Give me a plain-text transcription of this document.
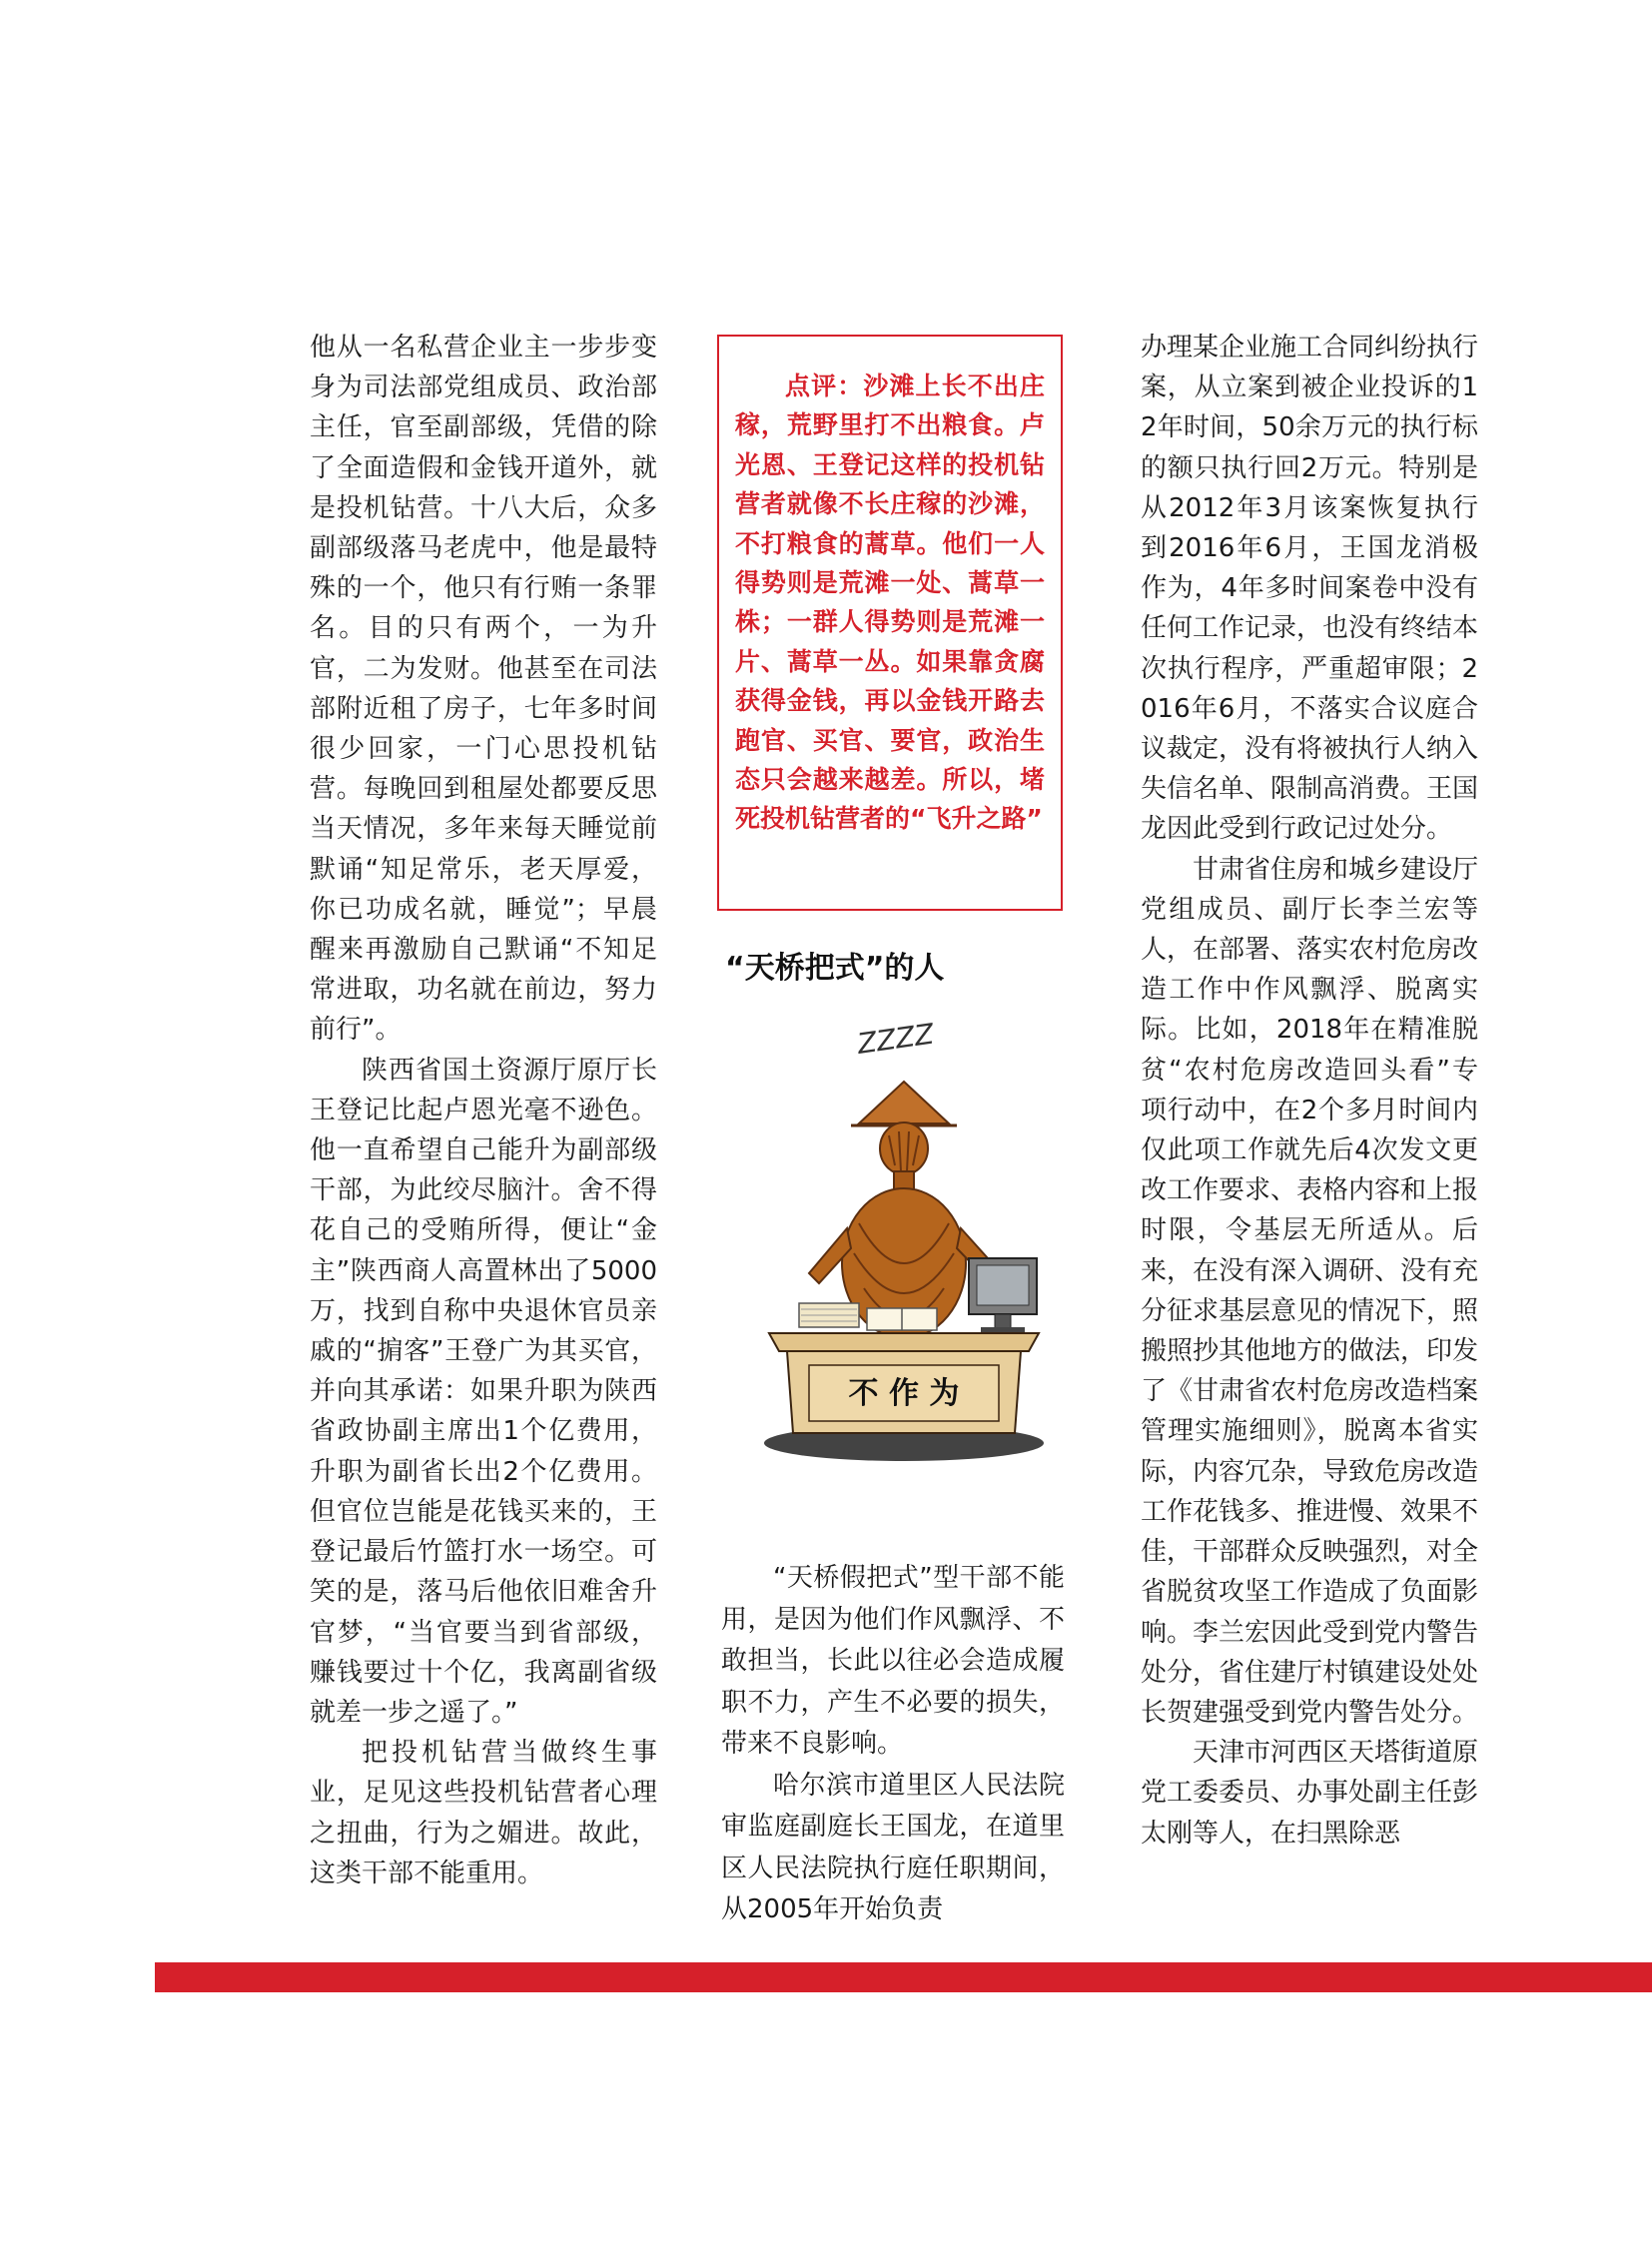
他从一名私营企业主一步步变身为司法部党组成员、政治部主任，官至副部级，凭借的除了全面造假和金钱开道外，就是投机钻营。十八大后，众多副部级落马老虎中，他是最特殊的一个，他只有行贿一条罪名。目的只有两个，一为升官，二为发财。他甚至在司法部附近租了房子，七年多时间很少回家，一门心思投机钻营。每晚回到租屋处都要反思当天情况，多年来每天睡觉前默诵“知足常乐，老天厚爱，你已功成名就，睡觉”；早晨醒来再激励自己默诵“不知足常进取，功名就在前边，努力前行”。

陕西省国土资源厅原厅长王登记比起卢恩光毫不逊色。他一直希望自己能升为副部级干部，为此绞尽脑汁。舍不得花自己的受贿所得，便让“金主”陕西商人高置林出了5000万，找到自称中央退休官员亲戚的“掮客”王登广为其买官，并向其承诺：如果升职为陕西省政协副主席出1个亿费用，升职为副省长出2个亿费用。但官位岂能是花钱买来的，王登记最后竹篮打水一场空。可笑的是，落马后他依旧难舍升官梦，“当官要当到省部级，赚钱要过十个亿，我离副省级就差一步之遥了。”

把投机钻营当做终生事业，足见这些投机钻营者心理之扭曲，行为之媚进。故此，这类干部不能重用。

点评：沙滩上长不出庄稼，荒野里打不出粮食。卢光恩、王登记这样的投机钻营者就像不长庄稼的沙滩，不打粮食的蒿草。他们一人得势则是荒滩一处、蒿草一株；一群人得势则是荒滩一片、蒿草一丛。如果靠贪腐获得金钱，再以金钱开路去跑官、买官、要官，政治生态只会越来越差。所以，堵死投机钻营者的“飞升之路”

“天桥把式”的人
ZZZZ
不 作 为

“天桥假把式”型干部不能用，是因为他们作风飘浮、不敢担当，长此以往必会造成履职不力，产生不必要的损失，带来不良影响。

哈尔滨市道里区人民法院审监庭副庭长王国龙，在道里区人民法院执行庭任职期间，从2005年开始负责

办理某企业施工合同纠纷执行案，从立案到被企业投诉的12年时间，50余万元的执行标的额只执行回2万元。特别是从2012年3月该案恢复执行到2016年6月，王国龙消极作为，4年多时间案卷中没有任何工作记录，也没有终结本次执行程序，严重超审限；2016年6月，不落实合议庭合议裁定，没有将被执行人纳入失信名单、限制高消费。王国龙因此受到行政记过处分。

甘肃省住房和城乡建设厅党组成员、副厅长李兰宏等人，在部署、落实农村危房改造工作中作风飘浮、脱离实际。比如，2018年在精准脱贫“农村危房改造回头看”专项行动中，在2个多月时间内仅此项工作就先后4次发文更改工作要求、表格内容和上报时限，令基层无所适从。后来，在没有深入调研、没有充分征求基层意见的情况下，照搬照抄其他地方的做法，印发了《甘肃省农村危房改造档案管理实施细则》，脱离本省实际，内容冗杂，导致危房改造工作花钱多、推进慢、效果不佳，干部群众反映强烈，对全省脱贫攻坚工作造成了负面影响。李兰宏因此受到党内警告处分，省住建厅村镇建设处处长贺建强受到党内警告处分。

天津市河西区天塔街道原党工委委员、办事处副主任彭太刚等人，在扫黑除恶
